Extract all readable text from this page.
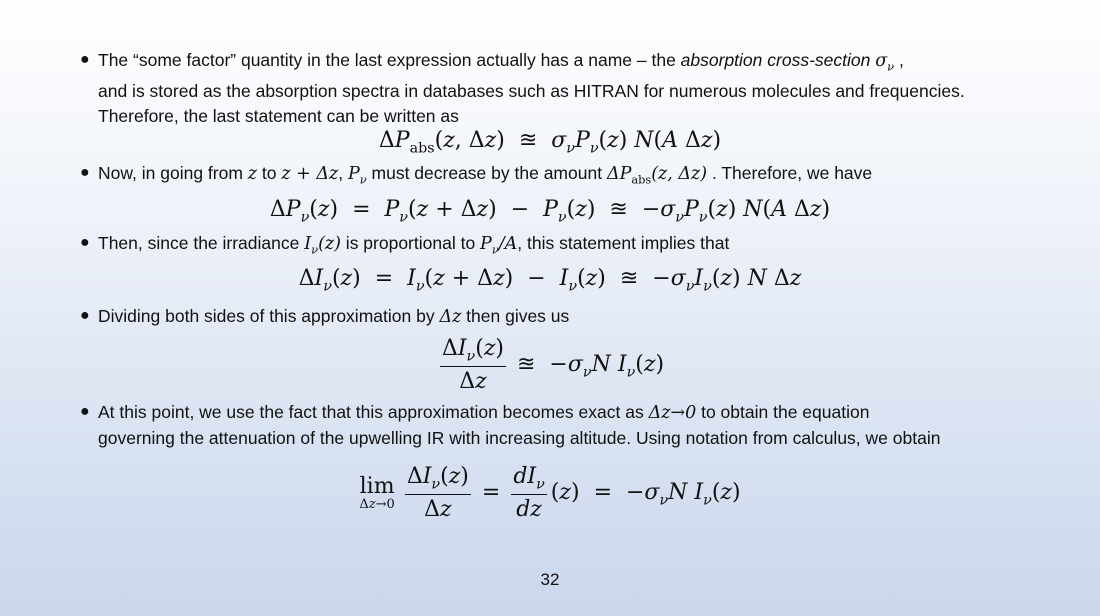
● The “some factor” quantity in the last expression actually has a name – the absorption cross-section $\sigma_\nu$ ,
and is stored as the absorption spectra in databases such as HITRAN for numerous molecules and frequencies. Therefore, the last statement can be written as
$\Delta P_{abs}(z$, Δz)  ≊  $\sigma_\nu P_\nu(z)$ N(A Δz)
● Now, in going from z to z + Δz, $P_\nu$ must decrease by the amount $\Delta P_{abs}(z$, Δz) . Therefore, we have
$\Delta P_\nu(z) = P_\nu(z + \Delta z) - P_\nu(z)$  ≊  $-\sigma_\nu P_\nu(z)$ N(A Δz)
● Then, since the irradiance $I_\nu(z)$ is proportional to $P_\nu/A$, this statement implies that
$\Delta I_\nu(z) = I_\nu(z + \Delta z) - I_\nu(z)$  ≊  $-\sigma_\nu I_\nu(z)$ N Δz
● Dividing both sides of this approximation by Δz then gives us
$\frac{\Delta I_\nu(z)}{\Delta z}$ ≊  $-\sigma_\nu N$ $I_\nu(z)$
● At this point, we use the fact that this approximation becomes exact as Δz→0 to obtain the equation
governing the attenuation of the upwelling IR with increasing altitude. Using notation from calculus, we obtain
lim
$\Delta z\to 0 \frac{\Delta I_\nu(z)}{\Delta z} = \frac{dI_\nu}{dz} (z) = -\sigma_\nu N$ $I_\nu(z)$
32
